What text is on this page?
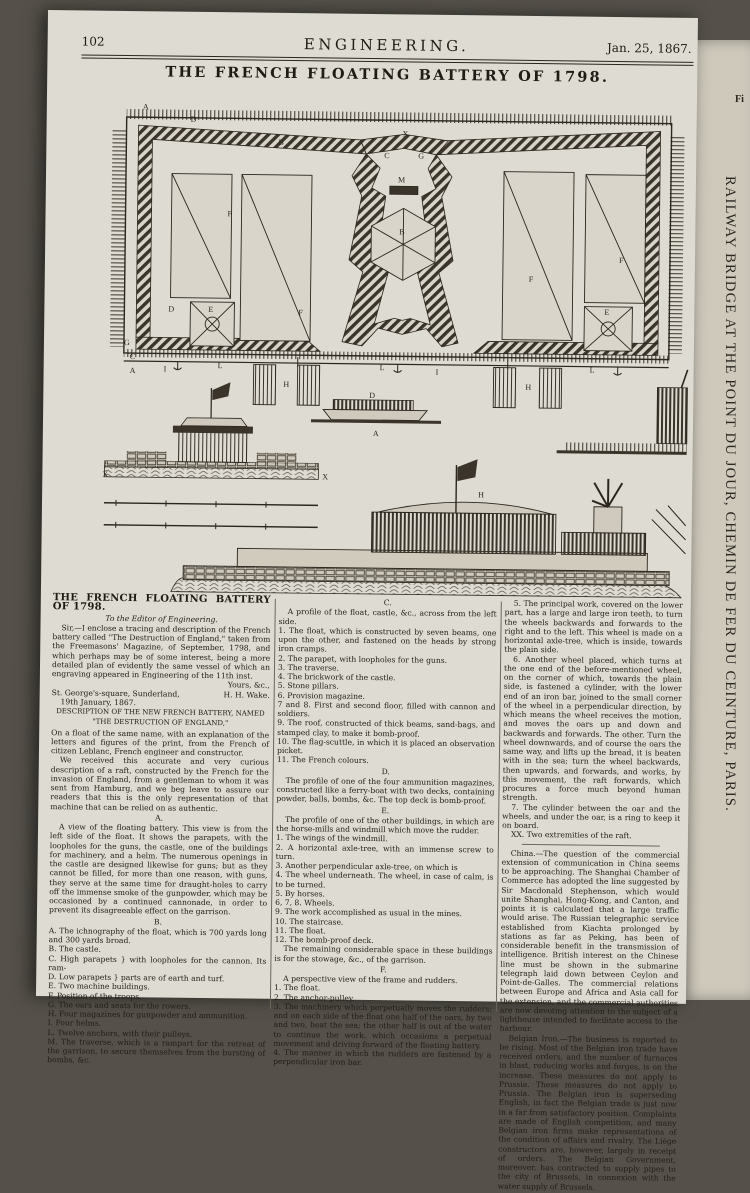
Fi
RAILWAY BRIDGE AT THE POINT DU JOUR, CHEMIN DE FER DU CEINTURE, PARIS.
102	ENGINEERING.	Jan. 25, 1867.
THE FRENCH FLOATING BATTERY OF 1798.
A
D
B
X
C	G
M
F
E	F
B
F
F
E
D
G
C
A
L
I	L
I	L
H	H
D
A
X	X
H

THE FRENCH FLOATING BATTERY OF 1798.

To the Editor of Engineering.

Sir,—I enclose a tracing and description of the French battery called "The Destruction of England," taken from the Freemasons' Magazine, of September, 1798, and which perhaps may be of some interest, being a more detailed plan of evidently the same vessel of which an engraving appeared in Engineering of the 11th inst.

Yours, &c.,

St. George's-square, Sunderland,	H. H. Wake.

19th January, 1867.

DESCRIPTION OF THE NEW FRENCH BATTERY, NAMED

"THE DESTRUCTION OF ENGLAND,"

On a float of the same name, with an explanation of the letters and figures of the print, from the French of citizen Leblanc, French engineer and constructor.

We received this accurate and very curious description of a raft, constructed by the French for the invasion of England, from a gentleman to whom it was sent from Hamburg, and we beg leave to assure our readers that this is the only representation of that machine that can be relied on as authentic.

A.

A view of the floating battery. This view is from the left side of the float. It shows the parapets, with the loopholes for the guns, the castle, one of the buildings for machinery, and a helm. The numerous openings in the castle are designed likewise for guns; but as they cannot be filled, for more than one reason, with guns, they serve at the same time for draught-holes to carry off the immense smoke of the gunpowder, which may be occasioned by a continued cannonade, in order to prevent its disagreeable effect on the garrison.

B.

A. The ichnography of the float, which is 700 yards long and 300 yards broad.

B. The castle.

C. High parapets } with loopholes for the cannon. Its ram-

D. Low parapets } parts are of earth and turf.

E. Two machine buildings.

F. Position of the troops.

G. The oars and seats for the rowers.

H. Four magazines for gunpowder and ammunition.

I. Four helms.

L. Twelve anchors, with their pulleys.

M. The traverse, which is a rampart for the retreat of the garrison, to secure themselves from the bursting of bombs, &c.

C.

A profile of the float, castle, &c., across from the left side.

1. The float, which is constructed by seven beams, one upon the other, and fastened on the heads by strong iron cramps.

2. The parapet, with loopholes for the guns.

3. The traverse.

4. The brickwork of the castle.

5. Stone pillars.

6. Provision magazine.

7 and 8. First and second floor, filled with cannon and soldiers.

9. The roof, constructed of thick beams, sand-bags, and stamped clay, to make it bomb-proof.

10. The flag-scuttle, in which it is placed an observation picket.

11. The French colours.

D.

The profile of one of the four ammunition magazines, constructed like a ferry-boat with two decks, containing powder, balls, bombs, &c. The top deck is bomb-proof.

E.

The profile of one of the other buildings, in which are the horse-mills and windmill which move the rudder.

1. The wings of the windmill.

2. A horizontal axle-tree, with an immense screw to turn.

3. Another perpendicular axle-tree, on which is

4. The wheel underneath. The wheel, in case of calm, is to be turned.

5. By horses.

6, 7, 8. Wheels.

9. The work accomplished as usual in the mines.

10. The staircase.

11. The float.

12. The bomb-proof deck.

The remaining considerable space in these buildings is for the stowage, &c., of the garrison.

F.

A perspective view of the frame and rudders.

1. The float.

2. The anchor-pulley.

3. The machinery which perpetually moves the rudders; and on each side of the float one half of the oars, by two and two, beat the sea; the other half is out of the water to continue the work, which occasions a perpetual movement and driving forward of the floating battery.

4. The manner in which the rudders are fastened by a perpendicular iron bar.

5. The principal work, covered on the lower part, has a large and large iron teeth, to turn the wheels backwards and forwards to the right and to the left. This wheel is made on a horizontal axle-tree, which is inside, towards the plain side.

6. Another wheel placed, which turns at the one end of the before-mentioned wheel, on the corner of which, towards the plain side, is fastened a cylinder, with the lower end of an iron bar, joined to the small corner of the wheel in a perpendicular direction, by which means the wheel receives the motion, and moves the oars up and down and backwards and forwards. The other. Turn the wheel downwards, and of course the oars the same way, and lifts up the bread, it is beaten with in the sea; turn the wheel backwards, then upwards, and forwards, and works, by this movement, the raft forwards, which procures a force much beyond human strength.

7. The cylinder between the oar and the wheels, and under the oar, is a ring to keep it on board.

XX. Two extremities of the raft.

China.—The question of the commercial extension of communication in China seems to be approaching. The Shanghai Chamber of Commerce has adopted the line suggested by Sir Macdonald Stephenson, which would unite Shanghai, Hong-Kong, and Canton, and points it is calculated that a large traffic would arise. The Russian telegraphic service established from Kiachta prolonged by stations as far as Peking, has been of considerable benefit in the transmission of intelligence. British interest on the Chinese line must be shown in the submarine telegraph laid down between Ceylon and Point-de-Galles. The commercial relations between Europe and Africa and Asia call for the extension, and the commercial authorities are now devoting attention to the subject of a lighthouse intended to facilitate access to the harbour.

Belgian Iron.—The business is reported to be rising. Most of the Belgian iron trade have received orders, and the number of furnaces in blast, reducing works and forges, is on the increase. These measures do not apply to Prussia. These measures do not apply to Prussia. The Belgian iron is superseding English, in fact the Belgian trade is just now in a far from satisfactory position. Complaints are made of English competition, and many Belgian iron firms make representations of the condition of affairs and rivalry. The Liège constructors are, however, largely in receipt of orders. The Belgian Government, moreover, has contracted to supply pipes to the city of Brussels, in connexion with the water supply of Brussels.
